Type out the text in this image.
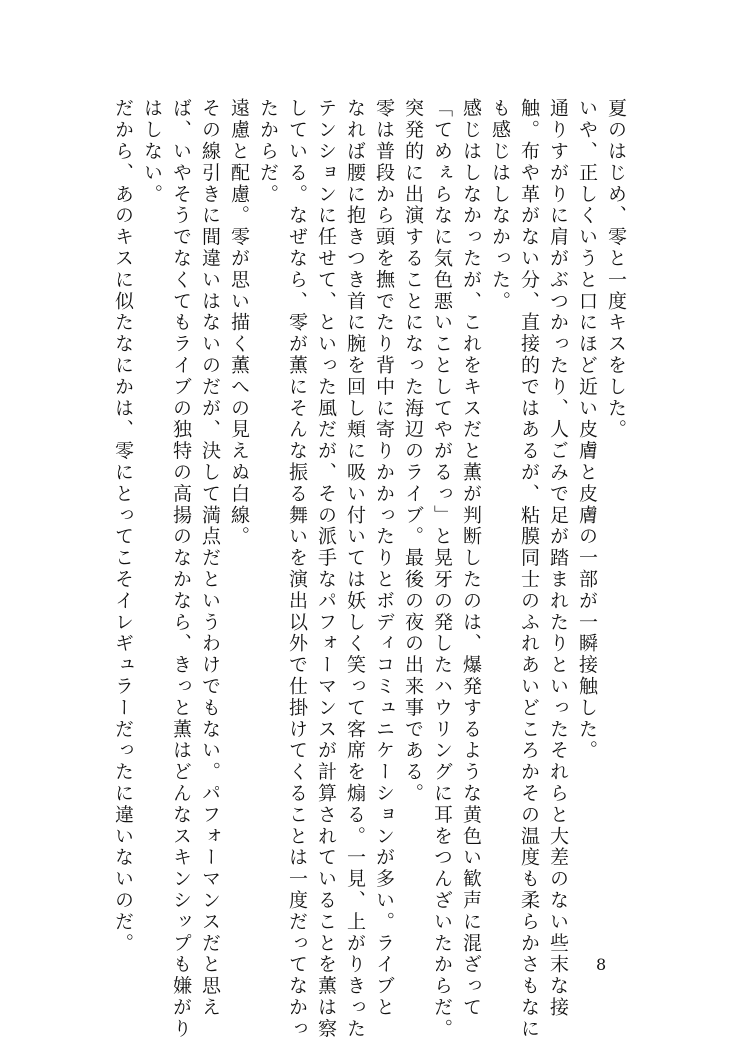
夏のはじめ、零と一度キスをした。

いや、正しくいうと口にほど近い皮膚と皮膚の一部が一瞬接触した。

通りすがりに肩がぶつかったり、人ごみで足が踏まれたりといったそれらと大差のない些末な接

触。布や革がない分、直接的ではあるが、粘膜同士のふれあいどころかその温度も柔らかさもなに

も感じはしなかった。

感じはしなかったが、これをキスだと薫が判断したのは、爆発するような黄色い歓声に混ざって

「てめぇらなに気色悪いことしてやがるっ」と晃牙の発したハウリングに耳をつんざいたからだ。

突発的に出演することになった海辺のライブ。最後の夜の出来事である。

零は普段から頭を撫でたり背中に寄りかかったりとボディコミュニケーションが多い。ライブと

なれば腰に抱きつき首に腕を回し頬に吸い付いては妖しく笑って客席を煽る。一見、上がりきった

テンションに任せて、といった風だが、その派手なパフォーマンスが計算されていることを薫は察

している。なぜなら、零が薫にそんな振る舞いを演出以外で仕掛けてくることは一度だってなかっ

たからだ。

遠慮と配慮。零が思い描く薫への見えぬ白線。

その線引きに間違いはないのだが、決して満点だというわけでもない。パフォーマンスだと思え

ば、いやそうでなくてもライブの独特の高揚のなかなら、きっと薫はどんなスキンシップも嫌がり

はしない。

だから、あのキスに似たなにかは、零にとってこそイレギュラーだったに違いないのだ。

8
